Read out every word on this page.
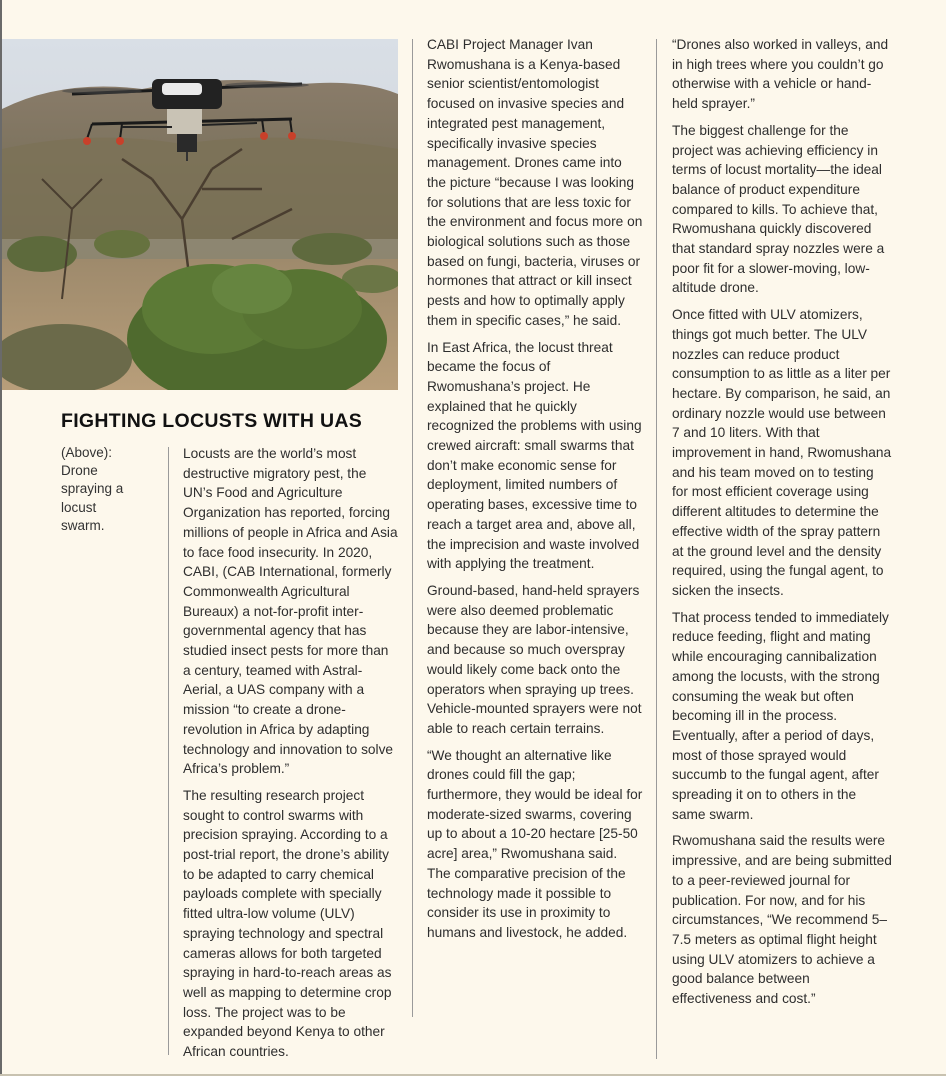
FIGHTING LOCUSTS WITH UAS

(Above): Drone spraying a locust swarm.

Locusts are the world’s most destructive migratory pest, the UN’s Food and Agriculture Organization has reported, forcing millions of people in Africa and Asia to face food insecurity. In 2020, CABI, (CAB International, formerly Commonwealth Agricultural Bureaux) a not-for-profit inter-governmental agency that has studied insect pests for more than a century, teamed with Astral-Aerial, a UAS company with a mission “to create a drone-revolution in Africa by adapting technology and innovation to solve Africa’s problem.”

The resulting research project sought to control swarms with precision spraying. According to a post-trial report, the drone’s ability to be adapted to carry chemical payloads complete with specially fitted ultra-low volume (ULV) spraying technology and spectral cameras allows for both targeted spraying in hard-to-reach areas as well as mapping to determine crop loss. The project was to be expanded beyond Kenya to other African countries.

CABI Project Manager Ivan Rwomushana is a Kenya-based senior scientist/entomologist focused on invasive species and integrated pest management, specifically invasive species management. Drones came into the picture “because I was looking for solutions that are less toxic for the environment and focus more on biological solutions such as those based on fungi, bacteria, viruses or hormones that attract or kill insect pests and how to optimally apply them in specific cases,” he said.

In East Africa, the locust threat became the focus of Rwomushana’s project. He explained that he quickly recognized the problems with using crewed aircraft: small swarms that don’t make economic sense for deployment, limited numbers of operating bases, excessive time to reach a target area and, above all, the imprecision and waste involved with applying the treatment.

Ground-based, hand-held sprayers were also deemed problematic because they are labor-intensive, and because so much overspray would likely come back onto the operators when spraying up trees. Vehicle-mounted sprayers were not able to reach certain terrains.

“We thought an alternative like drones could fill the gap; furthermore, they would be ideal for moderate-sized swarms, covering up to about a 10-20 hectare [25-50 acre] area,” Rwomushana said. The comparative precision of the technology made it possible to consider its use in proximity to humans and livestock, he added.

“Drones also worked in valleys, and in high trees where you couldn’t go otherwise with a vehicle or hand-held sprayer.”

The biggest challenge for the project was achieving efficiency in terms of locust mortality—the ideal balance of product expenditure compared to kills. To achieve that, Rwomushana quickly discovered that standard spray nozzles were a poor fit for a slower-moving, low-altitude drone.

Once fitted with ULV atomizers, things got much better. The ULV nozzles can reduce product consumption to as little as a liter per hectare. By comparison, he said, an ordinary nozzle would use between 7 and 10 liters. With that improvement in hand, Rwomushana and his team moved on to testing for most efficient coverage using different altitudes to determine the effective width of the spray pattern at the ground level and the density required, using the fungal agent, to sicken the insects.

That process tended to immediately reduce feeding, flight and mating while encouraging cannibalization among the locusts, with the strong consuming the weak but often becoming ill in the process. Eventually, after a period of days, most of those sprayed would succumb to the fungal agent, after spreading it on to others in the same swarm.

Rwomushana said the results were impressive, and are being submitted to a peer-reviewed journal for publication. For now, and for his circumstances, “We recommend 5–7.5 meters as optimal flight height using ULV atomizers to achieve a good balance between effectiveness and cost.”
